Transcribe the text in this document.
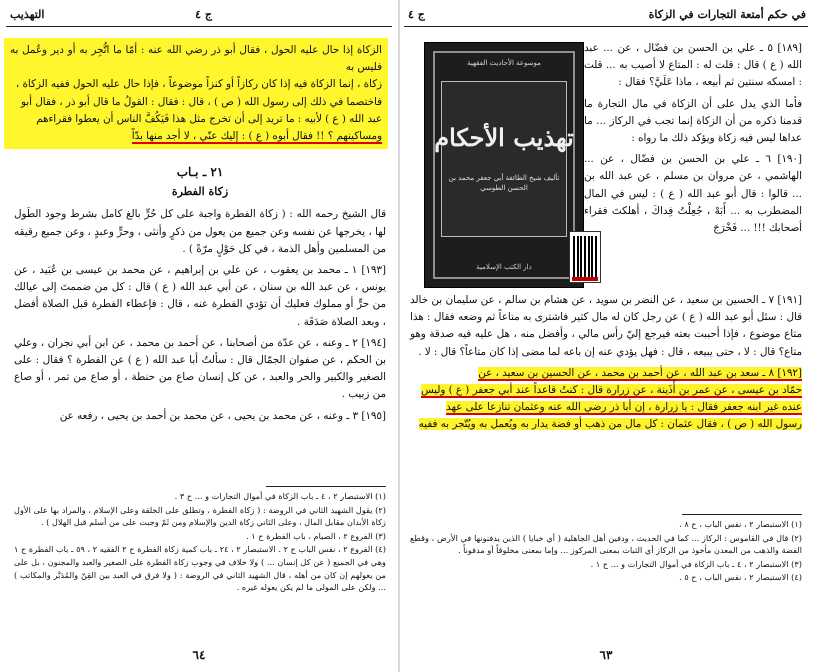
في حكم أمتعة التجارات في الزكاة
ج ٤
موسوعة الأحاديث الفقهية
تهذيب الأحكام
تأليف شيخ الطائفة أبي جعفر محمد بن الحسن الطوسي
دار الكتب الإسلامية

[١٨٩] ٥ ـ علي بن الحسن بن فضّال ، عن ... عبد الله ( ع ) قال : قلت له : المتاع لا أصيب به ... قلت : امسكه سنتين ثم أبيعه ، ماذا عَلَيَّ؟ فقال :

فأما الذي يدل على أن الزكاة في مال التجارة ما قدمنا ذكره من أن الزكاة إنما تجب في الركاز ... ما عداها ليس فيه زكاة ويؤكد ذلك ما رواه :

[١٩٠] ٦ ـ علي بن الحسن بن فضّال ، عن ... الهاشمي ، عن مروان بن مسلم ، عن عبد الله بن ... قالوا : قال أبو عبد الله ( ع ) : ليس في المال المضطرب به ... أَبَهْ ، جُعِلْتُ فِداكَ ، أهلكتَ فقراء أصحابك !!! ... فَخْرَجَ

[١٩١] ٧ ـ الحسين بن سعيد ، عن النضر بن سويد ، عن هشام بن سالم ، عن سليمان بن خالد قال : سئل أبو عبد الله ( ع ) عن رجل كان له مال كثير فاشترى به متاعاً ثم وضعه فقال : هذا متاع موضوع ، فإذا أحببت بعته فيرجع إليّ رأس مالي ، وأفضل منه ، هل عليه فيه صدقة وهو متاع؟ قال : لا ، حتى يبيعه ، قال : فهل يؤدي عنه إن باعه لما مضى إذا كان متاعاً؟ قال : لا .

[١٩٢] ٨ ـ سعد بن عبد الله ، عن أحمد بن محمد ، عن الحسين بن سعيد ، عن

حمّاد بن عيسى ، عن عمر بن أُذَينة ، عن زرارة قال : كنتُ قاعداً عند أبي جعفر ( ع ) وليس

عنده غير ابنه جعفر فقال : يا زرارة ، إن أبا ذر رضي الله عنه وعثمان تنازعا على عهد

رسول الله ( ص ) ، فقال عثمان : كل مال من ذهب أو فضة يدار به ويُعمل به ويُتّجر به ففيه

(١) الاستبصار ٢ ، نفس الباب ، ح ٨ .
(٢) قال في القاموس : الركاز ... كما في الحديث ، ودفين أهل الجاهلية ( أي خبايا ) الذين يدفنونها في الأرض ، وقطع الفضة والذهب من المعدن مأخوذ من الركاز أي الثبات بمعنى المركوز ... وإما بمعنى مخلوقاً أو مدفوناً .
(٣) الاستبصار ٢ ، ٤ ـ باب الزكاة في أموال التجارات و ... ح ١ .
(٤) الاستبصار ٢ ، نفس الباب ، ح ٥ .
٦٣
ج ٤
التهذيب
الزكاة إذا حال عليه الحول ، فقال أبو ذر رضي الله عنه : أمّا ما اتُّجِر به أو دير وعُمل به فليس به
زكاة ، إنما الزكاة فيه إذا كان ركازاً أو كنزاً موضوعاً ، فإذا حال عليه الحول ففيه الزكاة ،
فاختصما في ذلك إلى رسول الله ( ص ) ، قال : فقال : القولُ ما قال أبو ذر ، فقال أبو
عبد الله ( ع ) لأبيه : ما تريد إلى أن تخرج مثل هذا فَيَكُفَّ الناس أن يعطوا فقراءهم
ومساكينهم ؟ !! فقال أبوه ( ع ) : إليك عنّي ، لا أجد منها بدّاً
٢١ ـ بـاب
زكاة الفطرة

قال الشيخ رحمه الله : ( زكاة الفطرة واجبة على كل حُرٍّ بالغ كامل بشرط وجود الطَول لها ، يخرجها عن نفسه وعن جميع من يعول من ذكرٍ وأنثى ، وحرٍّ وعبدٍ ، وعن جميع رقيقه من المسلمين وأهل الذمة ، في كل حَوْلٍ مرّةً ) .

[١٩٣] ١ ـ محمد بن يعقوب ، عن علي بن إبراهيم ، عن محمد بن عيسى بن عُبَيد ، عن يونس ، عن عبد الله بن سنان ، عن أبي عبد الله ( ع ) قال : كل من ضممتَ إلى عيالك من حرٍّ أو مملوك فعليك أن تؤدي الفطرة عنه ، قال : فإعطاء الفطرة قبل الصلاة أفضل ، وبعد الصلاة صَدَقَة .

[١٩٤] ٢ ـ وعنه ، عن عدّة من أصحابنا ، عن أحمد بن محمد ، عن ابن أبي نجران ، وعلي بن الحكم ، عن صفوان الجمّال قال : سألتُ أبا عبد الله ( ع ) عن الفطرة ؟ فقال : على الصغير والكبير والحر والعبد ، عن كل إنسان صاع من حنطة ، أو صاع من تمر ، أو صاع من زبيب .

[١٩٥] ٣ ـ وعنه ، عن محمد بن يحيى ، عن محمد بن أحمد بن يحيى ، رفعه عن

(١) الاستبصار ٢ ، ٤ ـ باب الزكاة في أموال التجارات و ... ح ٣ .
(٢) يقول الشهيد الثاني في الروضة : ( زكاة الفطرة ، وتطلق على الخلقة وعلى الإسلام ، والمراد بها على الأول زكاة الأبدان مقابل المال ، وعلى الثاني زكاة الدين والإسلام ومن ثَمّ وجبت على من أسلم قبل الهلال ) .
(٣) الفروع ٢ ، الصيام ، باب الفطرة ح ١ .
(٤) الفروع ٢ ، نفس الباب ح ٢ . الاستبصار ٢ ، ٢٤ ـ باب كمية زكاة الفطرة ح ٢ الفقيه ٢ ، ٥٩ ـ باب الفطرة ح ١ وهي في الجميع ( عن كل إنسان ... ) ولا خلاف في وجوب زكاة الفطرة على الصغير والعبد والمجنون ، بل على من يعولهم إن كان من أهله ، قال الشهيد الثاني في الروضة : ( ولا فرق في العبد بين القِنّ والمُدَبَّر والمكاتب ) ... ولكن على المولى ما لم يكن يعوله غيره .
٦٤
